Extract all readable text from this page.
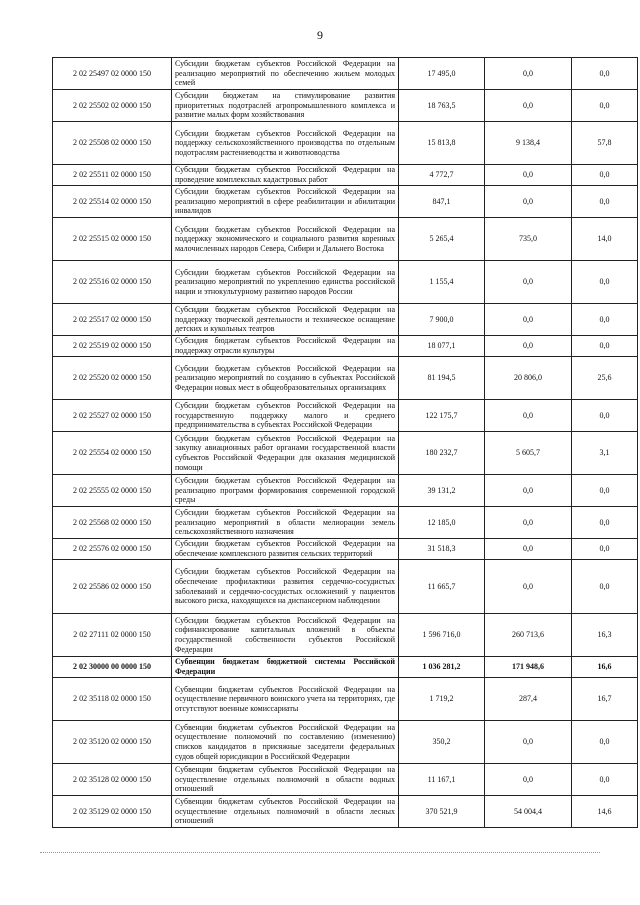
9
2 02 25497 02 0000 150	Субсидии бюджетам субъектов Российской Федерации на реализацию мероприятий по обеспечению жильем молодых семей	17 495,0	0,0	0,0
2 02 25502 02 0000 150	Субсидии бюджетам на стимулирование развития приоритетных подотраслей агропромышленного комплекса и развитие малых форм хозяйствования	18 763,5	0,0	0,0
2 02 25508 02 0000 150	Субсидии бюджетам субъектов Российской Федерации на поддержку сельскохозяйственного производства по отдельным подотраслям растениеводства и животноводства	15 813,8	9 138,4	57,8
2 02 25511 02 0000 150	Субсидии бюджетам субъектов Российской Федерации на проведение комплексных кадастровых работ	4 772,7	0,0	0,0
2 02 25514 02 0000 150	Субсидии бюджетам субъектов Российской Федерации на реализацию мероприятий в сфере реабилитации и абилитации инвалидов	847,1	0,0	0,0
2 02 25515 02 0000 150	Субсидии бюджетам субъектов Российской Федерации на поддержку экономического и социального развития коренных малочисленных народов Севера, Сибири и Дальнего Востока	5 265,4	735,0	14,0
2 02 25516 02 0000 150	Субсидии бюджетам субъектов Российской Федерации на реализацию мероприятий по укреплению единства российской нации и этнокультурному развитию народов России	1 155,4	0,0	0,0
2 02 25517 02 0000 150	Субсидии бюджетам субъектов Российской Федерации на поддержку творческой деятельности и техническое оснащение детских и кукольных театров	7 900,0	0,0	0,0
2 02 25519 02 0000 150	Субсидия бюджетам субъектов Российской Федерации на поддержку отрасли культуры	18 077,1	0,0	0,0
2 02 25520 02 0000 150	Субсидии бюджетам субъектов Российской Федерации на реализацию мероприятий по созданию в субъектах Российской Федерации новых мест в общеобразовательных организациях	81 194,5	20 806,0	25,6
2 02 25527 02 0000 150	Субсидии бюджетам субъектов Российской Федерации на государственную поддержку малого и среднего предпринимательства в субъектах Российской Федерации	122 175,7	0,0	0,0
2 02 25554 02 0000 150	Субсидии бюджетам субъектов Российской Федерации на закупку авиационных работ органами государственной власти субъектов Российской Федерации для оказания медицинской помощи	180 232,7	5 605,7	3,1
2 02 25555 02 0000 150	Субсидии бюджетам субъектов Российской Федерации на реализацию программ формирования современной городской среды	39 131,2	0,0	0,0
2 02 25568 02 0000 150	Субсидии бюджетам субъектов Российской Федерации на реализацию мероприятий в области мелиорации земель сельскохозяйственного назначения	12 185,0	0,0	0,0
2 02 25576 02 0000 150	Субсидии бюджетам субъектов Российской Федерации на обеспечение комплексного развития сельских территорий	31 518,3	0,0	0,0
2 02 25586 02 0000 150	Субсидии бюджетам субъектов Российской Федерации на обеспечение профилактики развития сердечно-сосудистых заболеваний и сердечно-сосудистых осложнений у пациентов высокого риска, находящихся на диспансерном наблюдении	11 665,7	0,0	0,0
2 02 27111 02 0000 150	Субсидии бюджетам субъектов Российской Федерации на софинансирование капитальных вложений в объекты государственной собственности субъектов Российской Федерации	1 596 716,0	260 713,6	16,3
2 02 30000 00 0000 150	Субвенции бюджетам бюджетной системы Российской Федерации	1 036 281,2	171 948,6	16,6
2 02 35118 02 0000 150	Субвенции бюджетам субъектов Российской Федерации на осуществление первичного воинского учета на территориях, где отсутствуют военные комиссариаты	1 719,2	287,4	16,7
2 02 35120 02 0000 150	Субвенции бюджетам субъектов Российской Федерации на осуществление полномочий по составлению (изменению) списков кандидатов в присяжные заседатели федеральных судов общей юрисдикции в Российской Федерации	350,2	0,0	0,0
2 02 35128 02 0000 150	Субвенции бюджетам субъектов Российской Федерации на осуществление отдельных полномочий в области водных отношений	11 167,1	0,0	0,0
2 02 35129 02 0000 150	Субвенции бюджетам субъектов Российской Федерации на осуществление отдельных полномочий в области лесных отношений	370 521,9	54 004,4	14,6
